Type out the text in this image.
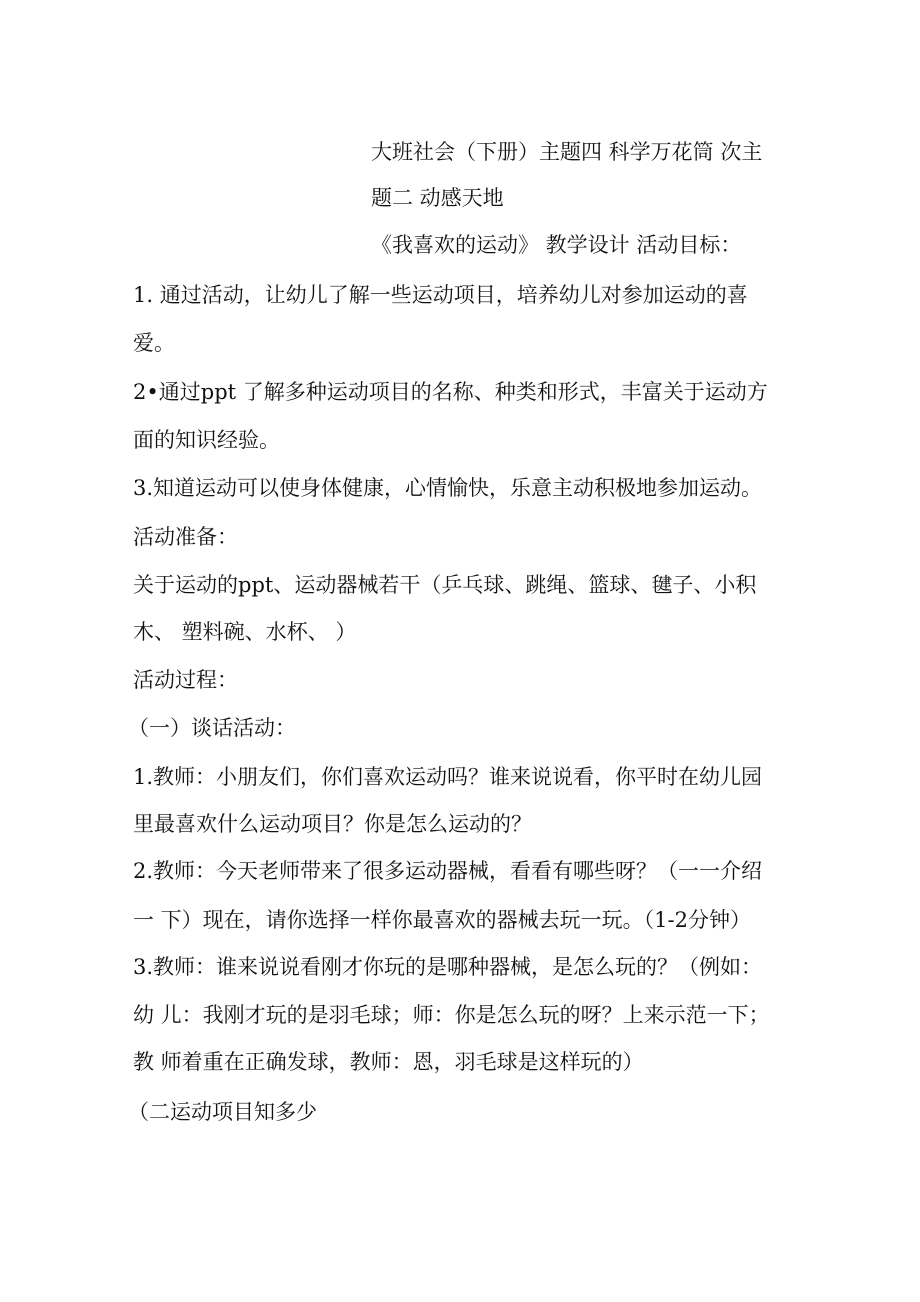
大班社会（下册）主题四 科学万花筒 次主
题二 动感天地
《我喜欢的运动》 教学设计 活动目标：
1. 通过活动，让幼儿了解一些运动项目，培养幼儿对参加运动的喜
爱。
2•通过ppt 了解多种运动项目的名称、种类和形式，丰富关于运动方
面的知识经验。
3.知道运动可以使身体健康，心情愉快，乐意主动积极地参加运动。
活动准备：
关于运动的ppt、运动器械若干（乒乓球、跳绳、篮球、毽子、小积
木、 塑料碗、水杯、 ）
活动过程：
（一）谈话活动：
1.教师：小朋友们，你们喜欢运动吗？谁来说说看，你平时在幼儿园
里最喜欢什么运动项目？你是怎么运动的？
2.教师：今天老师带来了很多运动器械，看看有哪些呀？（一一介绍
一 下）现在，请你选择一样你最喜欢的器械去玩一玩。（1-2分钟）
3.教师：谁来说说看刚才你玩的是哪种器械，是怎么玩的？（例如：
幼 儿：我刚才玩的是羽毛球；师：你是怎么玩的呀？上来示范一下；
教 师着重在正确发球，教师：恩，羽毛球是这样玩的）
（二运动项目知多少
